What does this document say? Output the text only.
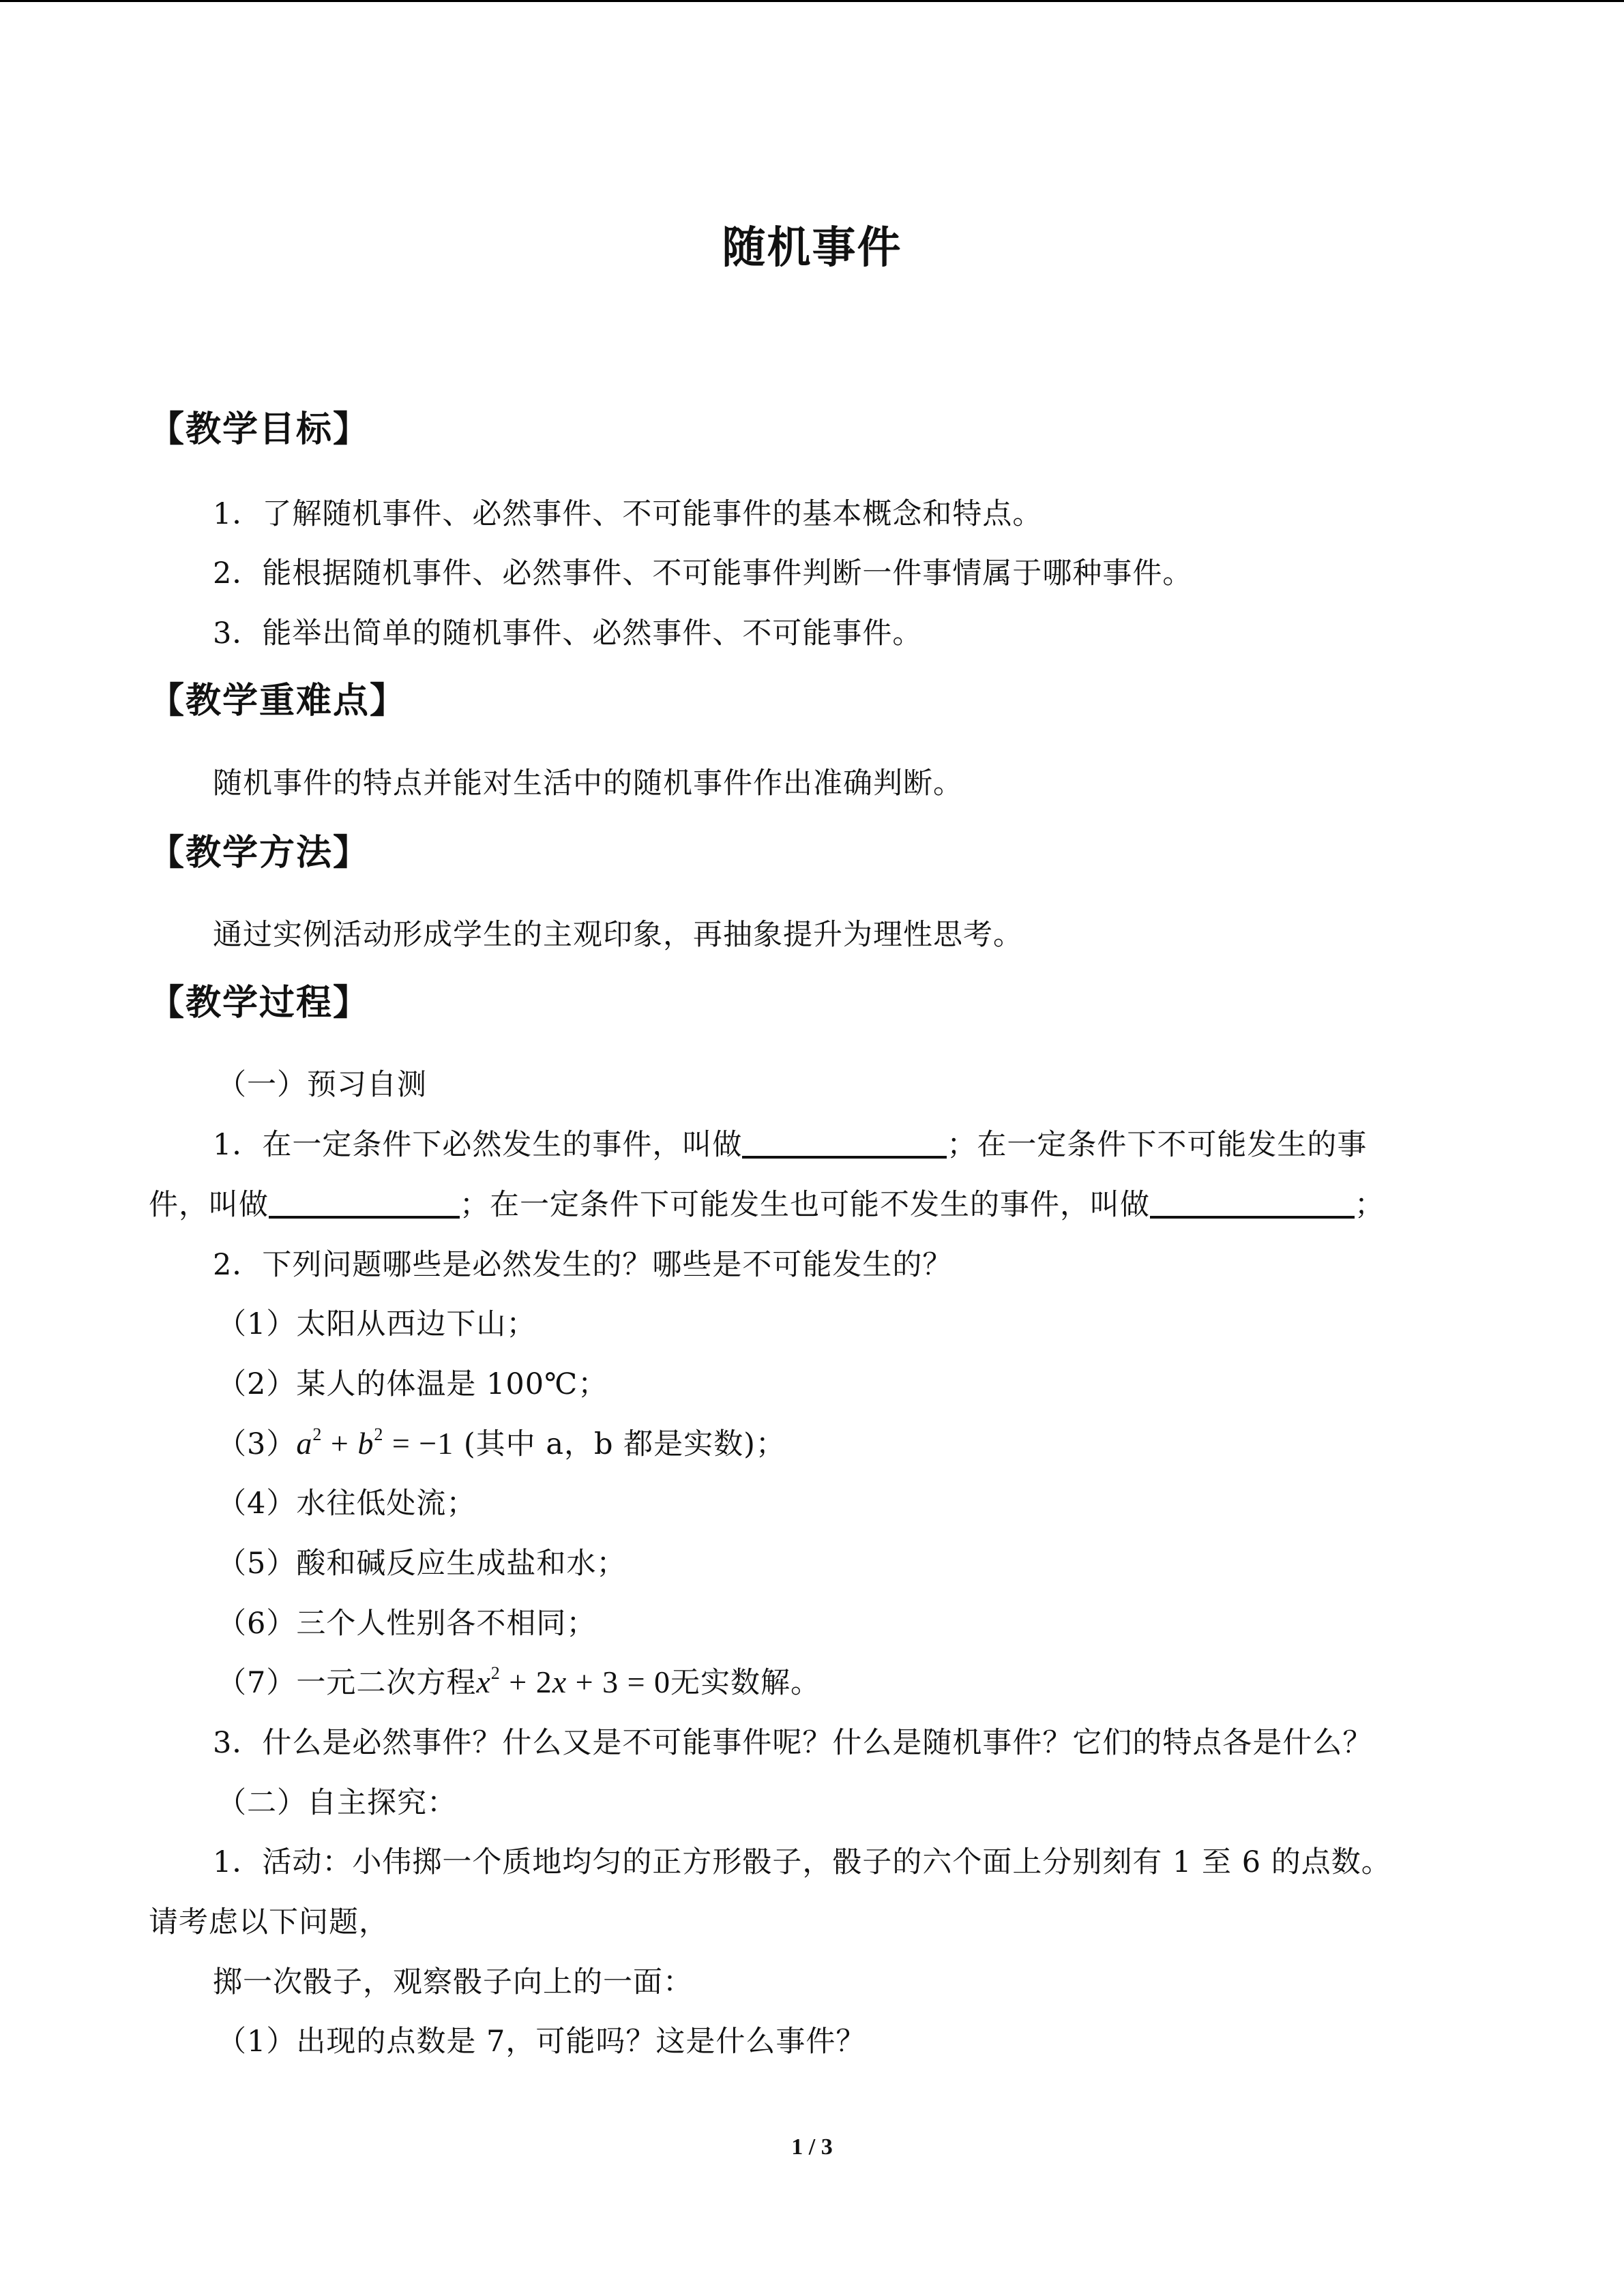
随机事件
【教学目标】
1．了解随机事件、必然事件、不可能事件的基本概念和特点。
2．能根据随机事件、必然事件、不可能事件判断一件事情属于哪种事件。
3．能举出简单的随机事件、必然事件、不可能事件。
【教学重难点】
随机事件的特点并能对生活中的随机事件作出准确判断。
【教学方法】
通过实例活动形成学生的主观印象，再抽象提升为理性思考。
【教学过程】
（一）预习自测
1．在一定条件下必然发生的事件，叫做	；在一定条件下不可能发生的事
件，叫做	；在一定条件下可能发生也可能不发生的事件，叫做	；
2．下列问题哪些是必然发生的？哪些是不可能发生的？
（1）太阳从西边下山；
（2）某人的体温是 100℃；
$(3)a^2 + b^2 = -1$ (其中 a，b 都是实数)；
（4）水往低处流；
（5）酸和碱反应生成盐和水；
（6）三个人性别各不相同；
（7）一元二次方程$x^2 + 2x + 3 = 0$无实数解。
3．什么是必然事件？什么又是不可能事件呢？什么是随机事件？它们的特点各是什么？
（二）自主探究：
1．活动：小伟掷一个质地均匀的正方形骰子，骰子的六个面上分别刻有 1 至 6 的点数。
请考虑以下问题，
掷一次骰子，观察骰子向上的一面：
（1）出现的点数是 7，可能吗？这是什么事件？
1 / 3
